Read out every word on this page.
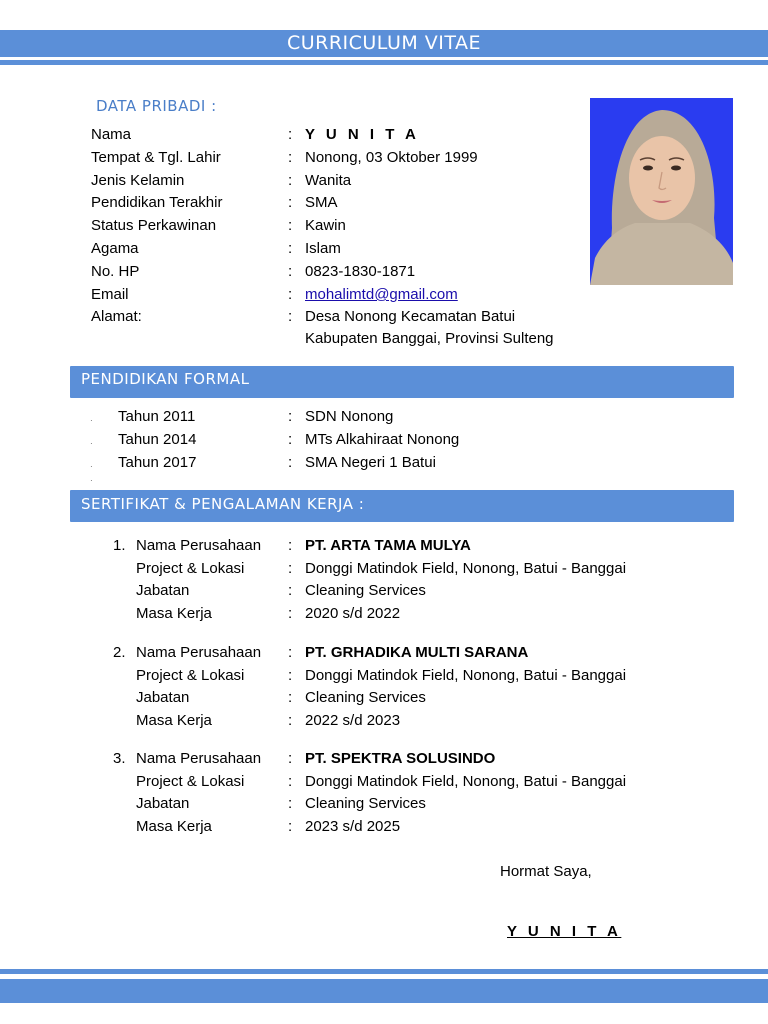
CURRICULUM VITAE
DATA PRIBADI :
Nama	: Y U N I T A
Tempat & Tgl. Lahir	: Nonong, 03 Oktober 1999
Jenis Kelamin	: Wanita
Pendidikan Terakhir	: SMA
Status Perkawinan	: Kawin
Agama	: Islam
No. HP	: 0823-1830-1871
Email	: mohalimtd@gmail.com
Alamat:	: Desa Nonong Kecamatan Batui
Kabupaten Banggai, Provinsi Sulteng
PENDIDIKAN FORMAL
· Tahun 2011	: SDN Nonong
· Tahun 2014	: MTs Alkahiraat Nonong
· Tahun 2017	: SMA Negeri 1 Batui
·
SERTIFIKAT & PENGALAMAN KERJA :
1. Nama Perusahaan : PT. ARTA TAMA MULYA
Project & Lokasi	: Donggi Matindok Field, Nonong, Batui - Banggai
Jabatan	: Cleaning Services
Masa Kerja	: 2020 s/d 2022
2. Nama Perusahaan : PT. GRHADIKA MULTI SARANA
Project & Lokasi	: Donggi Matindok Field, Nonong, Batui - Banggai
Jabatan	: Cleaning Services
Masa Kerja	: 2022 s/d 2023
3. Nama Perusahaan : PT. SPEKTRA SOLUSINDO
Project & Lokasi	: Donggi Matindok Field, Nonong, Batui - Banggai
Jabatan	: Cleaning Services
Masa Kerja	: 2023 s/d 2025
Hormat Saya,
Y U N I T A
